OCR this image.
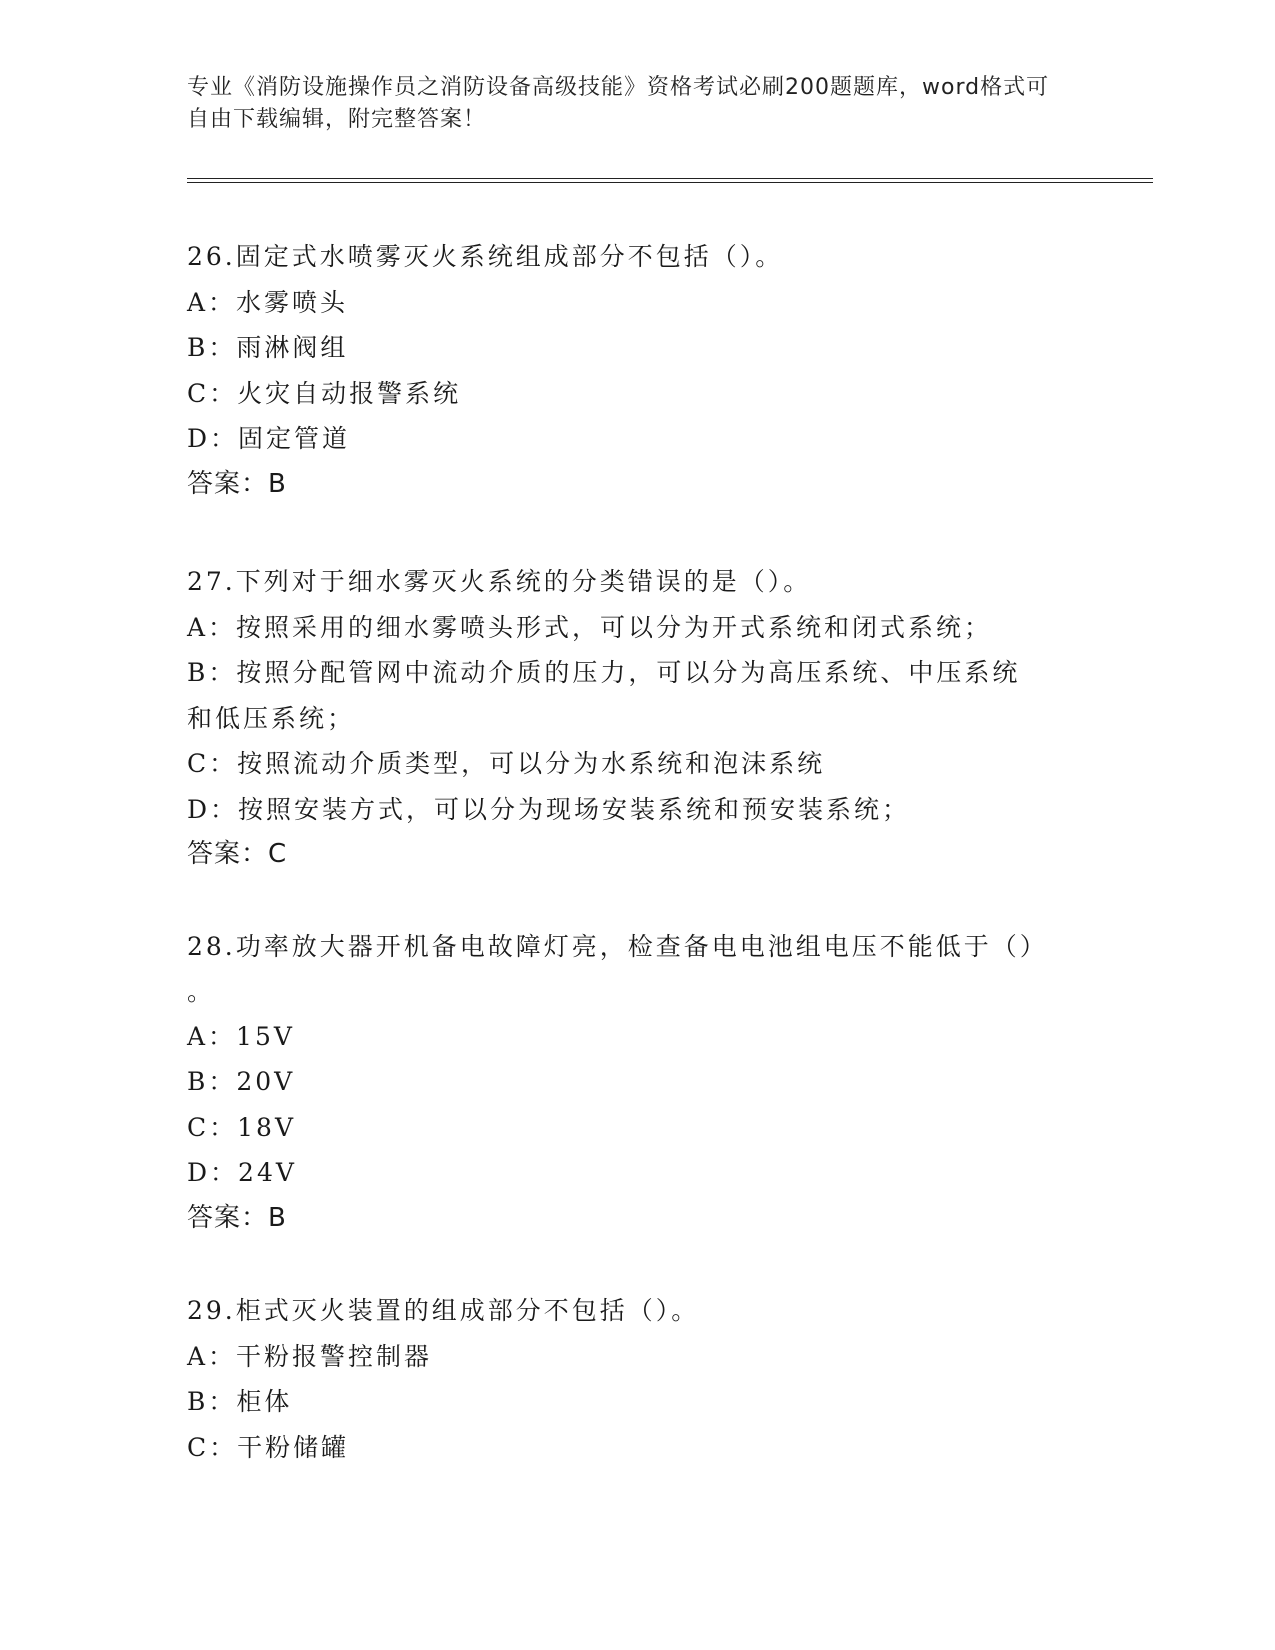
专业《消防设施操作员之消防设备高级技能》资格考试必刷200题题库，word格式可自由下载编辑，附完整答案！
26.固定式水喷雾灭火系统组成部分不包括（）。
A：水雾喷头
B：雨淋阀组
C：火灾自动报警系统
D：固定管道
答案：B
27.下列对于细水雾灭火系统的分类错误的是（）。
A：按照采用的细水雾喷头形式，可以分为开式系统和闭式系统；
B：按照分配管网中流动介质的压力，可以分为高压系统、中压系统和低压系统；
C：按照流动介质类型，可以分为水系统和泡沫系统
D：按照安装方式，可以分为现场安装系统和预安装系统；
答案：C
28.功率放大器开机备电故障灯亮，检查备电电池组电压不能低于（）
。
A：15V
B：20V
C：18V
D：24V
答案：B
29.柜式灭火装置的组成部分不包括（）。
A：干粉报警控制器
B：柜体
C：干粉储罐
